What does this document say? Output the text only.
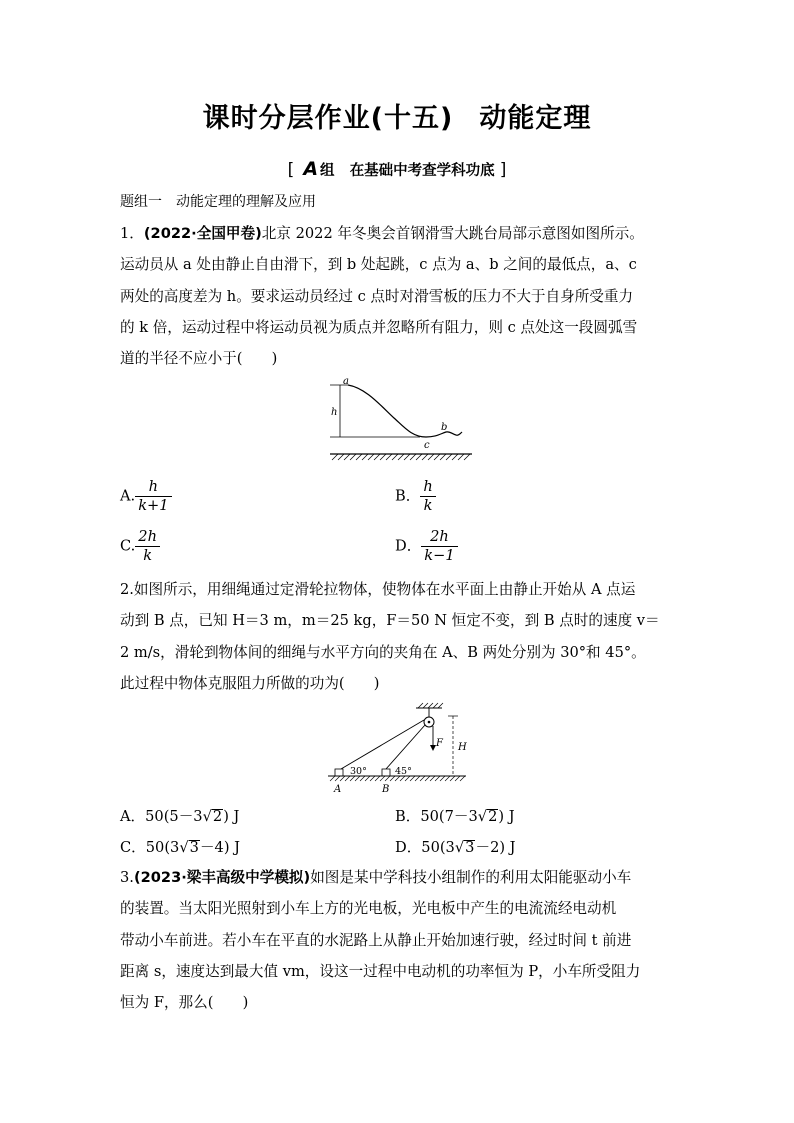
课时分层作业(十五) 动能定理
[ A 组 在基础中考查学科功底 ]
题组一　动能定理的理解及应用
1．(2022·全国甲卷)北京 2022 年冬奥会首钢滑雪大跳台局部示意图如图所示。
运动员从 a 处由静止自由滑下，到 b 处起跳，c 点为 a、b 之间的最低点，a、c
两处的高度差为 h。要求运动员经过 c 点时对滑雪板的压力不大于自身所受重力
的 k 倍，运动过程中将运动员视为质点并忽略所有阻力，则 c 点处这一段圆弧雪
道的半径不应小于(　　)
a
h
c
b
A. $\frac{h}{k+1}$	B． $\frac{h}{k}$
C. $\frac{2h}{k}$	D． $\frac{2h}{k-1}$
2.如图所示，用细绳通过定滑轮拉物体，使物体在水平面上由静止开始从 A 点运
动到 B 点，已知 H＝3 m，m＝25 kg，F＝50 N 恒定不变，到 B 点时的速度 v＝
2 m/s，滑轮到物体间的细绳与水平方向的夹角在 A、B 两处分别为 30°和 45°。
此过程中物体克服阻力所做的功为(　　)
F H
30°	45°
A	B
A．50(5－3√2) J	B．50(7－3√2) J
C．50(3√3－4) J	D．50(3√3－2) J
3.(2023·梁丰高级中学模拟)如图是某中学科技小组制作的利用太阳能驱动小车
的装置。当太阳光照射到小车上方的光电板，光电板中产生的电流流经电动机
带动小车前进。若小车在平直的水泥路上从静止开始加速行驶，经过时间 t 前进
距离 s，速度达到最大值 vm，设这一过程中电动机的功率恒为 P，小车所受阻力
恒为 F，那么(　　)
